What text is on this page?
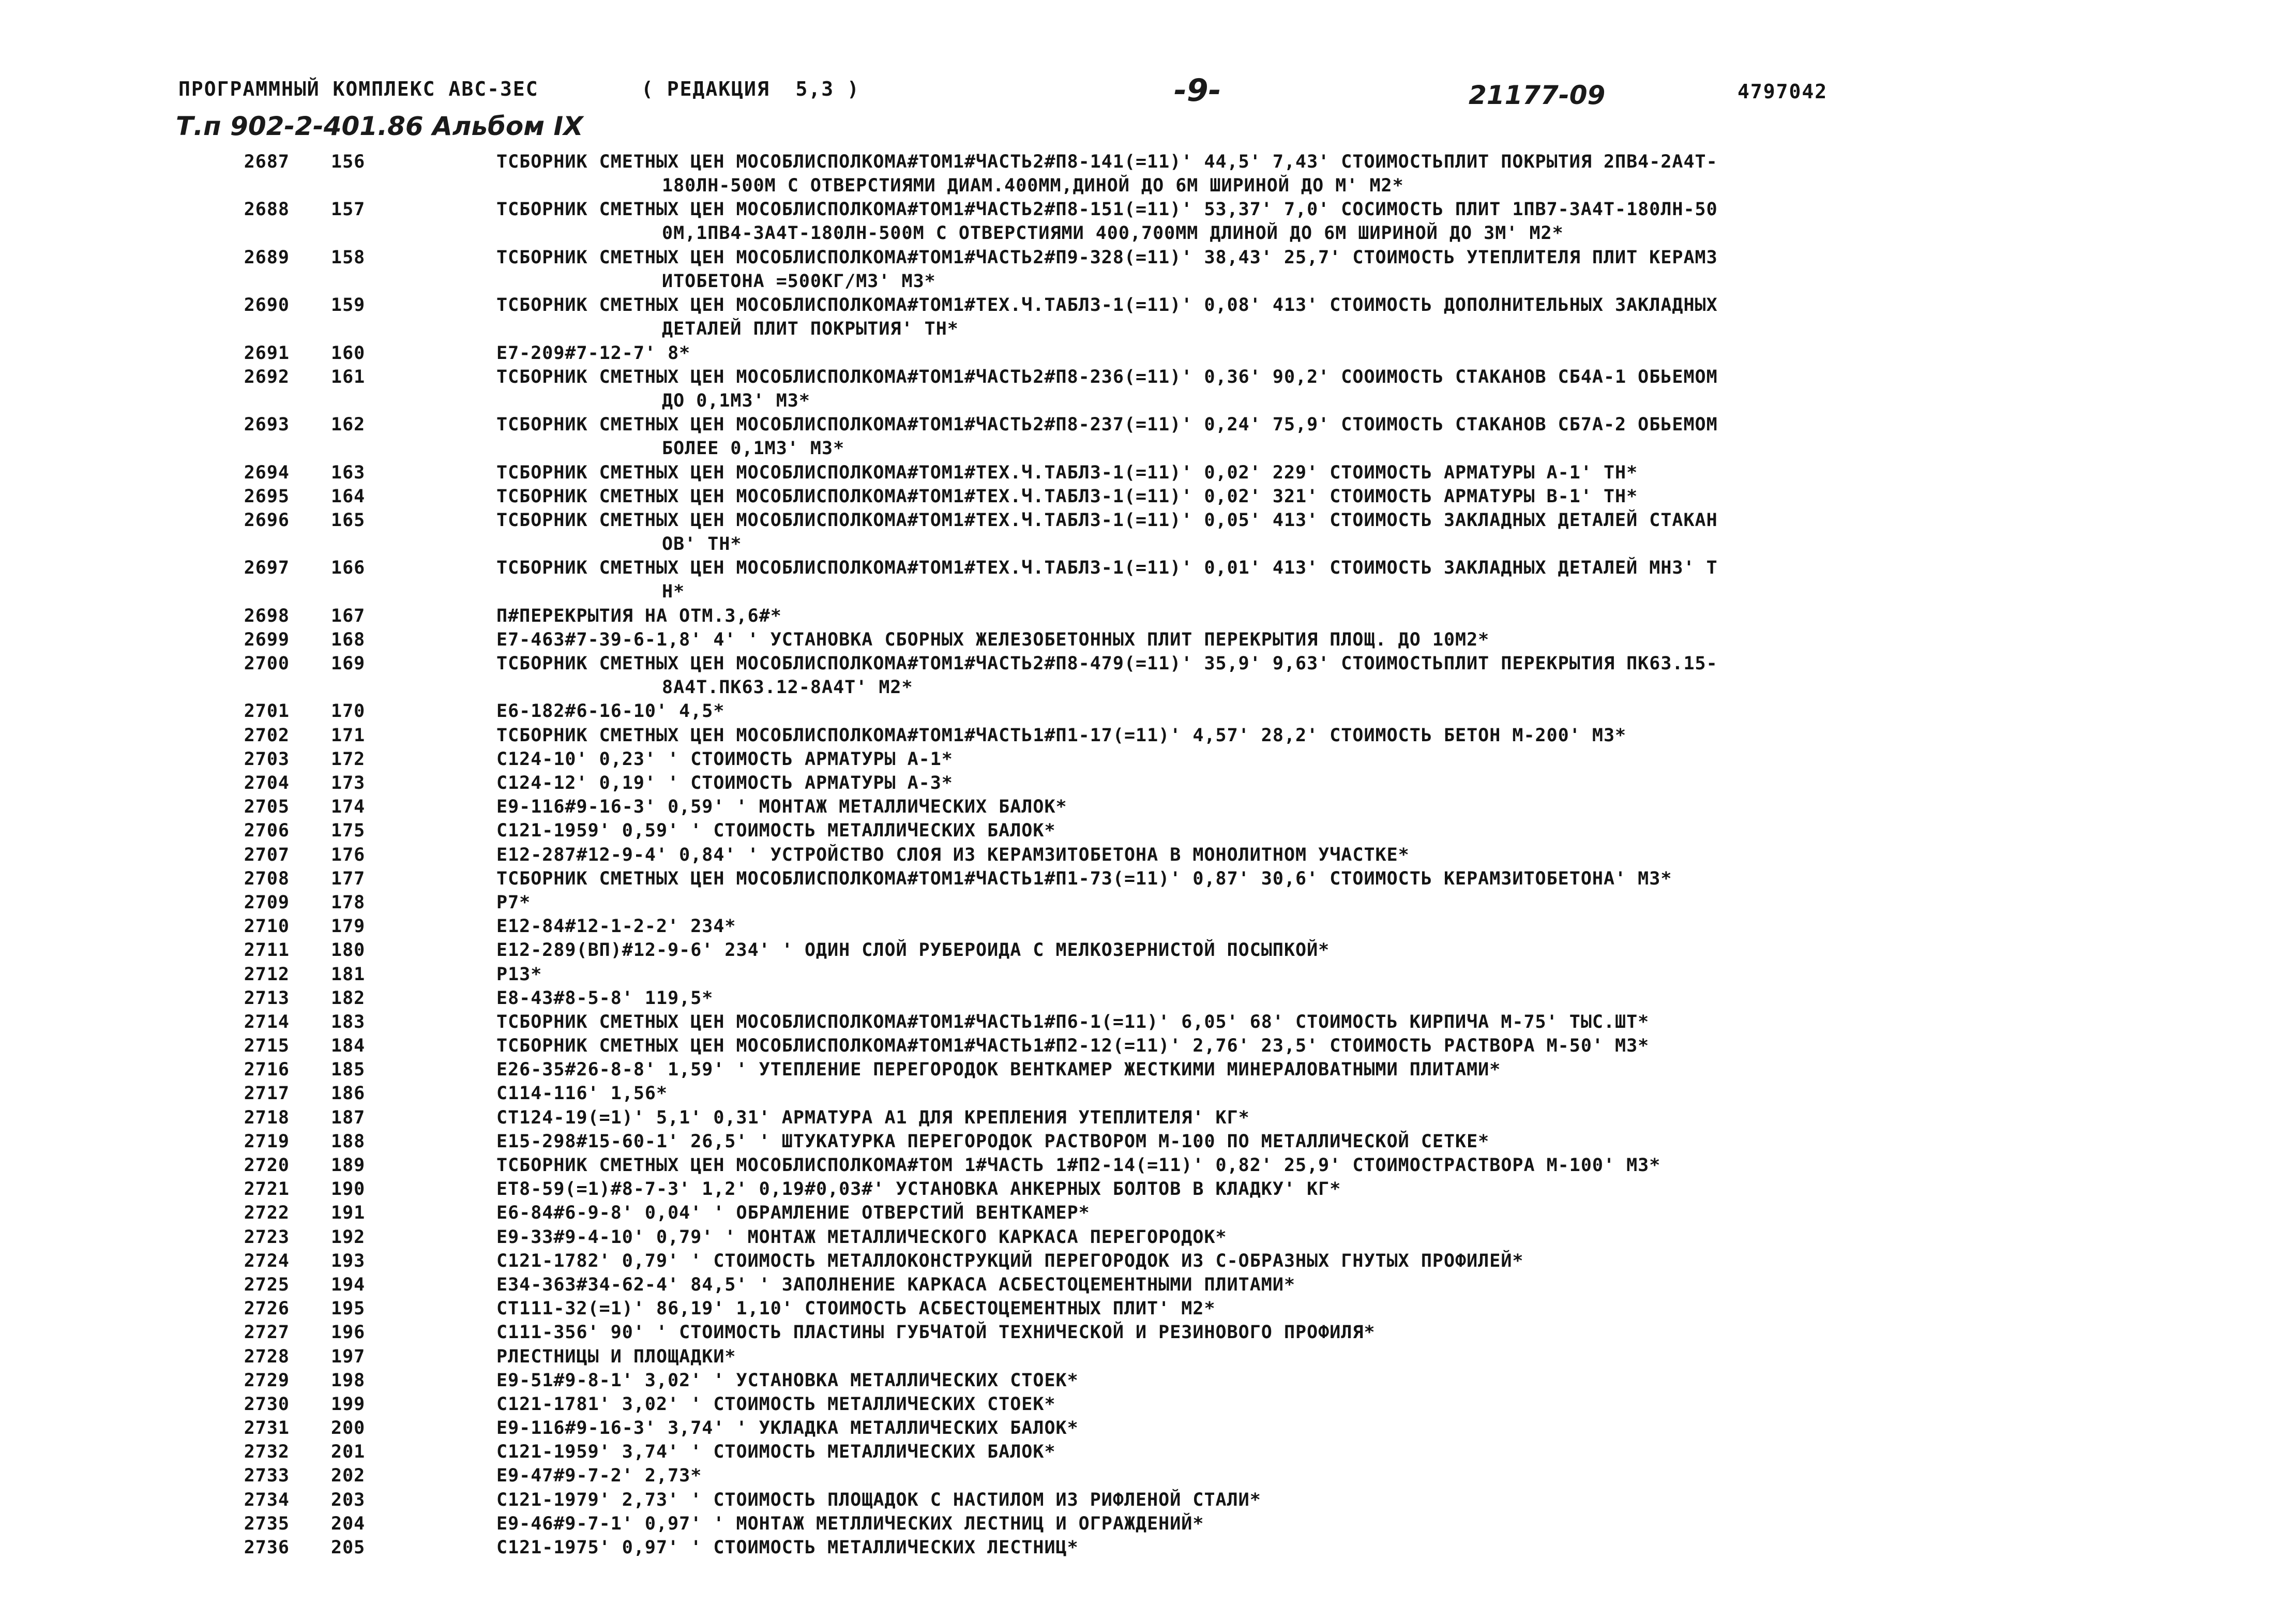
ПРОГРАММНЫЙ КОМПЛЕКС АВС-3ЕС	( РЕДАКЦИЯ  5,3 )	-9-	21177-09	4797042
Т.п 902-2-401.86 Альбом IX
2687 156	ТСБОРНИК СМЕТНЫХ ЦЕН МОСОБЛИСПОЛКОМА#ТОМ1#ЧАСТЬ2#П8-141(=11)' 44,5' 7,43' СТОИМОСТЬПЛИТ ПОКРЫТИЯ 2ПВ4-2А4Т-
180ЛН-500М С ОТВЕРСТИЯМИ ДИАМ.400ММ,ДИНОЙ ДО 6М ШИРИНОЙ ДО М' М2*
2688 157	ТСБОРНИК СМЕТНЫХ ЦЕН МОСОБЛИСПОЛКОМА#ТОМ1#ЧАСТЬ2#П8-151(=11)' 53,37' 7,0' СОСИМОСТЬ ПЛИТ 1ПВ7-3А4Т-180ЛН-50
0М,1ПВ4-3А4Т-180ЛН-500М С ОТВЕРСТИЯМИ 400,700ММ ДЛИНОЙ ДО 6М ШИРИНОЙ ДО 3М' М2*
2689 158	ТСБОРНИК СМЕТНЫХ ЦЕН МОСОБЛИСПОЛКОМА#ТОМ1#ЧАСТЬ2#П9-328(=11)' 38,43' 25,7' СТОИМОСТЬ УТЕПЛИТЕЛЯ ПЛИТ КЕРАМЗ
ИТОБЕТОНА =500КГ/М3' М3*
2690 159	ТСБОРНИК СМЕТНЫХ ЦЕН МОСОБЛИСПОЛКОМА#ТОМ1#ТЕХ.Ч.ТАБЛ3-1(=11)' 0,08' 413' СТОИМОСТЬ ДОПОЛНИТЕЛЬНЫХ ЗАКЛАДНЫХ
ДЕТАЛЕЙ ПЛИТ ПОКРЫТИЯ' ТН*
2691 160	Е7-209#7-12-7' 8*
2692 161	ТСБОРНИК СМЕТНЫХ ЦЕН МОСОБЛИСПОЛКОМА#ТОМ1#ЧАСТЬ2#П8-236(=11)' 0,36' 90,2' СООИМОСТЬ СТАКАНОВ СБ4А-1 ОБЬЕМОМ
ДО 0,1М3' М3*
2693 162	ТСБОРНИК СМЕТНЫХ ЦЕН МОСОБЛИСПОЛКОМА#ТОМ1#ЧАСТЬ2#П8-237(=11)' 0,24' 75,9' СТОИМОСТЬ СТАКАНОВ СБ7А-2 ОБЬЕМОМ
БОЛЕЕ 0,1М3' М3*
2694 163	ТСБОРНИК СМЕТНЫХ ЦЕН МОСОБЛИСПОЛКОМА#ТОМ1#ТЕХ.Ч.ТАБЛ3-1(=11)' 0,02' 229' СТОИМОСТЬ АРМАТУРЫ А-1' ТН*
2695 164	ТСБОРНИК СМЕТНЫХ ЦЕН МОСОБЛИСПОЛКОМА#ТОМ1#ТЕХ.Ч.ТАБЛ3-1(=11)' 0,02' 321' СТОИМОСТЬ АРМАТУРЫ В-1' ТН*
2696 165	ТСБОРНИК СМЕТНЫХ ЦЕН МОСОБЛИСПОЛКОМА#ТОМ1#ТЕХ.Ч.ТАБЛ3-1(=11)' 0,05' 413' СТОИМОСТЬ ЗАКЛАДНЫХ ДЕТАЛЕЙ СТАКАН
ОВ' ТН*
2697 166	ТСБОРНИК СМЕТНЫХ ЦЕН МОСОБЛИСПОЛКОМА#ТОМ1#ТЕХ.Ч.ТАБЛ3-1(=11)' 0,01' 413' СТОИМОСТЬ ЗАКЛАДНЫХ ДЕТАЛЕЙ МНЗ' Т
Н*
2698 167	П#ПЕРЕКРЫТИЯ НА ОТМ.3,6#*
2699 168	Е7-463#7-39-6-1,8' 4' ' УСТАНОВКА СБОРНЫХ ЖЕЛЕЗОБЕТОННЫХ ПЛИТ ПЕРЕКРЫТИЯ ПЛОЩ. ДО 10М2*
2700 169	ТСБОРНИК СМЕТНЫХ ЦЕН МОСОБЛИСПОЛКОМА#ТОМ1#ЧАСТЬ2#П8-479(=11)' 35,9' 9,63' СТОИМОСТЬПЛИТ ПЕРЕКРЫТИЯ ПК63.15-
8А4Т.ПК63.12-8А4Т' М2*
2701 170	Е6-182#6-16-10' 4,5*
2702 171	ТСБОРНИК СМЕТНЫХ ЦЕН МОСОБЛИСПОЛКОМА#ТОМ1#ЧАСТЬ1#П1-17(=11)' 4,57' 28,2' СТОИМОСТЬ БЕТОН М-200' М3*
2703 172	С124-10' 0,23' ' СТОИМОСТЬ АРМАТУРЫ А-1*
2704 173	С124-12' 0,19' ' СТОИМОСТЬ АРМАТУРЫ А-3*
2705 174	Е9-116#9-16-3' 0,59' ' МОНТАЖ МЕТАЛЛИЧЕСКИХ БАЛОК*
2706 175	С121-1959' 0,59' ' СТОИМОСТЬ МЕТАЛЛИЧЕСКИХ БАЛОК*
2707 176	Е12-287#12-9-4' 0,84' ' УСТРОЙСТВО СЛОЯ ИЗ КЕРАМЗИТОБЕТОНА В МОНОЛИТНОМ УЧАСТКЕ*
2708 177	ТСБОРНИК СМЕТНЫХ ЦЕН МОСОБЛИСПОЛКОМА#ТОМ1#ЧАСТЬ1#П1-73(=11)' 0,87' 30,6' СТОИМОСТЬ КЕРАМЗИТОБЕТОНА' М3*
2709 178	Р7*
2710 179	Е12-84#12-1-2-2' 234*
2711 180	Е12-289(ВП)#12-9-6' 234' ' ОДИН СЛОЙ РУБЕРОИДА С МЕЛКОЗЕРНИСТОЙ ПОСЫПКОЙ*
2712 181	Р13*
2713 182	Е8-43#8-5-8' 119,5*
2714 183	ТСБОРНИК СМЕТНЫХ ЦЕН МОСОБЛИСПОЛКОМА#ТОМ1#ЧАСТЬ1#П6-1(=11)' 6,05' 68' СТОИМОСТЬ КИРПИЧА М-75' ТЫС.ШТ*
2715 184	ТСБОРНИК СМЕТНЫХ ЦЕН МОСОБЛИСПОЛКОМА#ТОМ1#ЧАСТЬ1#П2-12(=11)' 2,76' 23,5' СТОИМОСТЬ РАСТВОРА М-50' М3*
2716 185	Е26-35#26-8-8' 1,59' ' УТЕПЛЕНИЕ ПЕРЕГОРОДОК ВЕНТКАМЕР ЖЕСТКИМИ МИНЕРАЛОВАТНЫМИ ПЛИТАМИ*
2717 186	С114-116' 1,56*
2718 187	СТ124-19(=1)' 5,1' 0,31' АРМАТУРА А1 ДЛЯ КРЕПЛЕНИЯ УТЕПЛИТЕЛЯ' КГ*
2719 188	Е15-298#15-60-1' 26,5' ' ШТУКАТУРКА ПЕРЕГОРОДОК РАСТВОРОМ М-100 ПО МЕТАЛЛИЧЕСКОЙ СЕТКЕ*
2720 189	ТСБОРНИК СМЕТНЫХ ЦЕН МОСОБЛИСПОЛКОМА#ТОМ 1#ЧАСТЬ 1#П2-14(=11)' 0,82' 25,9' СТОИМОСТРАСТВОРА М-100' М3*
2721 190	ЕТ8-59(=1)#8-7-3' 1,2' 0,19#0,03#' УСТАНОВКА АНКЕРНЫХ БОЛТОВ В КЛАДКУ' КГ*
2722 191	Е6-84#6-9-8' 0,04' ' ОБРАМЛЕНИЕ ОТВЕРСТИЙ ВЕНТКАМЕР*
2723 192	Е9-33#9-4-10' 0,79' ' МОНТАЖ МЕТАЛЛИЧЕСКОГО КАРКАСА ПЕРЕГОРОДОК*
2724 193	С121-1782' 0,79' ' СТОИМОСТЬ МЕТАЛЛОКОНСТРУКЦИЙ ПЕРЕГОРОДОК ИЗ С-ОБРАЗНЫХ ГНУТЫХ ПРОФИЛЕЙ*
2725 194	Е34-363#34-62-4' 84,5' ' ЗАПОЛНЕНИЕ КАРКАСА АСБЕСТОЦЕМЕНТНЫМИ ПЛИТАМИ*
2726 195	СТ111-32(=1)' 86,19' 1,10' СТОИМОСТЬ АСБЕСТОЦЕМЕНТНЫХ ПЛИТ' М2*
2727 196	С111-356' 90' ' СТОИМОСТЬ ПЛАСТИНЫ ГУБЧАТОЙ ТЕХНИЧЕСКОЙ И РЕЗИНОВОГО ПРОФИЛЯ*
2728 197	РЛЕСТНИЦЫ И ПЛОЩАДКИ*
2729 198	Е9-51#9-8-1' 3,02' ' УСТАНОВКА МЕТАЛЛИЧЕСКИХ СТОЕК*
2730 199	С121-1781' 3,02' ' СТОИМОСТЬ МЕТАЛЛИЧЕСКИХ СТОЕК*
2731 200	Е9-116#9-16-3' 3,74' ' УКЛАДКА МЕТАЛЛИЧЕСКИХ БАЛОК*
2732 201	С121-1959' 3,74' ' СТОИМОСТЬ МЕТАЛЛИЧЕСКИХ БАЛОК*
2733 202	Е9-47#9-7-2' 2,73*
2734 203	С121-1979' 2,73' ' СТОИМОСТЬ ПЛОЩАДОК С НАСТИЛОМ ИЗ РИФЛЕНОЙ СТАЛИ*
2735 204	Е9-46#9-7-1' 0,97' ' МОНТАЖ МЕТЛЛИЧЕСКИХ ЛЕСТНИЦ И ОГРАЖДЕНИЙ*
2736 205	С121-1975' 0,97' ' СТОИМОСТЬ МЕТАЛЛИЧЕСКИХ ЛЕСТНИЦ*
